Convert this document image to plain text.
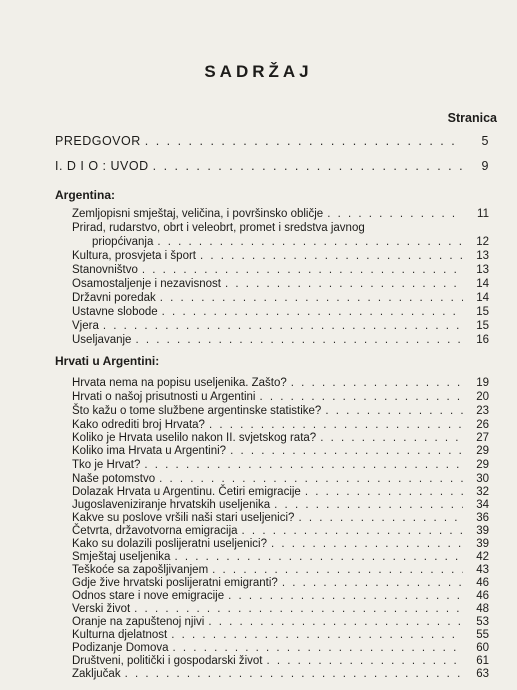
SADRŽAJ
Stranica
PREDGOVOR . . .	5
I. D I O : UVOD . . .	9
Argentina:
Zemljopisni smještaj, veličina, i površinsko obličje . . .	11
Prirad, rudarstvo, obrt i veleobrt, promet i sredstva javnog
priopćivanja . . .	12
Kultura, prosvjeta i šport . . .	13
Stanovništvo . . .	13
Osamostaljenje i nezavisnost . . .	14
Državni poredak . . .	14
Ustavne slobode . . .	15
Vjera . . .	15
Useljavanje . . .	16
Hrvati u Argentini:
Hrvata nema na popisu useljenika. Zašto? . . .	19
Hrvati o našoj prisutnosti u Argentini . . .	20
Što kažu o tome službene argentinske statistike? . . .	23
Kako odrediti broj Hrvata? . . .	26
Koliko je Hrvata uselilo nakon II. svjetskog rata? . . .	27
Koliko ima Hrvata u Argentini? . . .	29
Tko je Hrvat? . . .	29
Naše potomstvo . . .	30
Dolazak Hrvata u Argentinu. Četiri emigracije . . .	32
Jugoslaveniziranje hrvatskih useljenika . . .	34
Kakve su poslove vršili naši stari useljenici? . . .	36
Četvrta, državotvorna emigracija . . .	39
Kako su dolazili poslijeratni useljenici? . . .	39
Smještaj useljenika . . .	42
Teškoće sa zapošljivanjem . . .	43
Gdje žive hrvatski poslijeratni emigranti? . . .	46
Odnos stare i nove emigracije . . .	46
Verski život . . .	48
Oranje na zapuštenoj njivi . . .	53
Kulturna djelatnost . . .	55
Podizanje Domova . . .	60
Društveni, politički i gospodarski život . . .	61
Zaključak . . .	63
